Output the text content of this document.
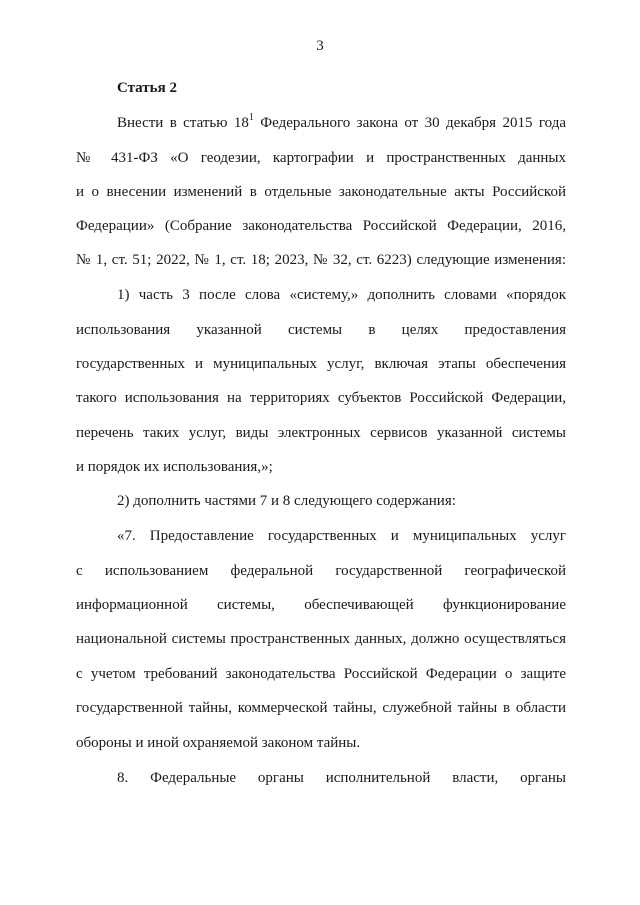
3
Статья 2
Внести в статью $18^1$ Федерального закона от 30 декабря 2015 года
№ 431-ФЗ «О геодезии, картографии и пространственных данных
и о внесении изменений в отдельные законодательные акты Российской
Федерации» (Собрание законодательства Российской Федерации, 2016,
№ 1, ст. 51; 2022, № 1, ст. 18; 2023, № 32, ст. 6223) следующие изменения:
1) часть 3 после слова «систему,» дополнить словами «порядок
использования указанной системы в целях предоставления
государственных и муниципальных услуг, включая этапы обеспечения
такого использования на территориях субъектов Российской Федерации,
перечень таких услуг, виды электронных сервисов указанной системы
и порядок их использования,»;
2) дополнить частями 7 и 8 следующего содержания:
«7. Предоставление государственных и муниципальных услуг
с использованием федеральной государственной географической
информационной системы, обеспечивающей функционирование
национальной системы пространственных данных, должно осуществляться
с учетом требований законодательства Российской Федерации о защите
государственной тайны, коммерческой тайны, служебной тайны в области
обороны и иной охраняемой законом тайны.
8. Федеральные органы исполнительной власти, органы
